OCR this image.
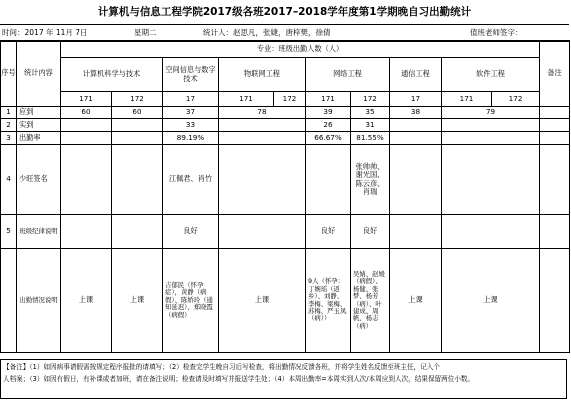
计算机与信息工程学院2017级各班2017–2018学年度第1学期晚自习出勤统计
时间：2017 年 11月 7日	星期二	统计人：赵思凡，张婕，唐梓樊，徐倩	值班老师签字：
序号	统计内容	专业：班级出勤人数（人）										备注
		计算机科学与技术		空间信息与数字技术	物联网工程		网络工程		通信工程	软件工程		
		171	172	17	171	172	171	172	17	171	172	
1	应到	60	60	37	78		39	35	38	79		
2	实到			33			26	31				
3	出勤率			89.19%			66.67%	81.55%				
4	少旺签名			江佩君、肖竹				张帅帅、谢光国、陈云彦、肖瑞				
5	班级纪律说明			良好			良好	良好				
	出勤情况说明	上课	上课	吉郁民（怀孕症），黄静（病假）、陈娇玲（通知延迟）、郑晓霞（病假）	上课		9人（怀孕：丁婉瑶（返乡）、刘静、李梅、梁梅、苏梅、严玉凤（病））	吴婧、赵媛（病假）、杨健、张梦、杨芳（病）、叶建成、周帆、杨志（病）	上课	上课		
【备注】（1）如因病事请假需按规定程序报批的请填写；（2）检查完学生晚自习后写检查，将出勤情况反馈各班，并将学生姓名反馈至班主任，记入个
人档案；（3）如因有假日，有补课或者加班，请在备注说明；检查请及时填写并报送学生处；（4）本周出勤率=本周实到人次/本周应到人次，结果保留两位小数。
